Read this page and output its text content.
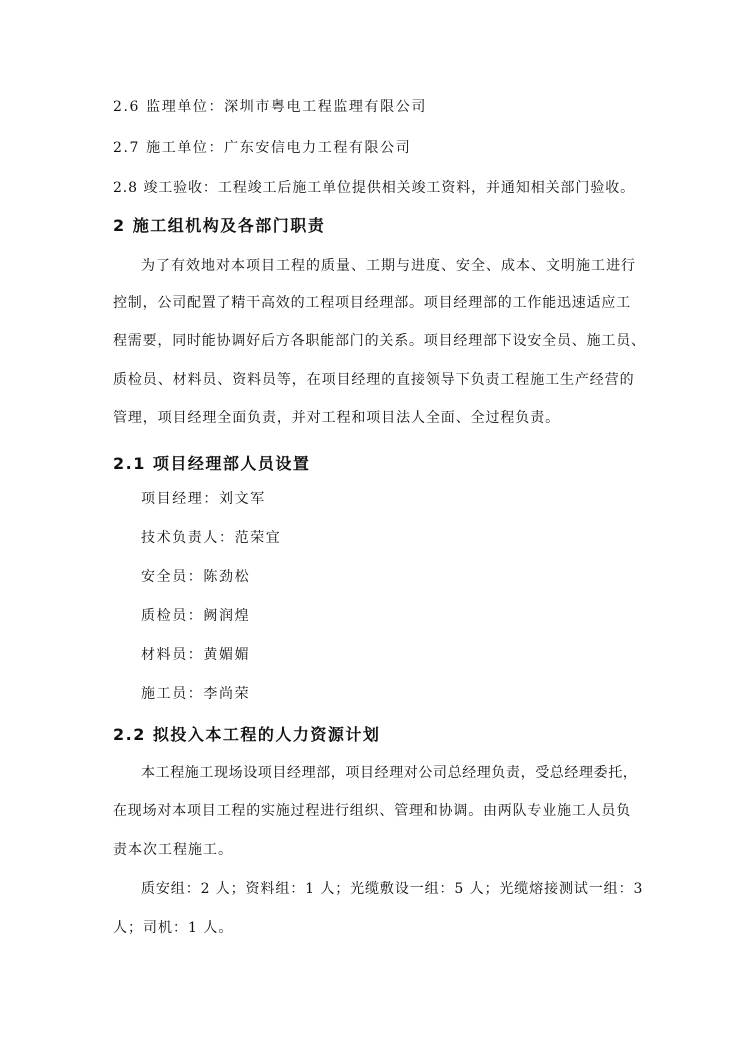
2.6 监理单位：深圳市粤电工程监理有限公司
2.7 施工单位：广东安信电力工程有限公司
2.8 竣工验收：工程竣工后施工单位提供相关竣工资料，并通知相关部门验收。
2 施工组机构及各部门职责
为了有效地对本项目工程的质量、工期与进度、安全、成本、文明施工进行
控制，公司配置了精干高效的工程项目经理部。项目经理部的工作能迅速适应工
程需要，同时能协调好后方各职能部门的关系。项目经理部下设安全员、施工员、
质检员、材料员、资料员等，在项目经理的直接领导下负责工程施工生产经营的
管理，项目经理全面负责，并对工程和项目法人全面、全过程负责。
2.1 项目经理部人员设置
项目经理：刘文军
技术负责人：范荣宜
安全员：陈劲松
质检员：阙润煌
材料员：黄媚媚
施工员：李尚荣
2.2 拟投入本工程的人力资源计划
本工程施工现场设项目经理部，项目经理对公司总经理负责，受总经理委托，
在现场对本项目工程的实施过程进行组织、管理和协调。由两队专业施工人员负
责本次工程施工。
质安组：2 人；资料组：1 人；光缆敷设一组：5 人；光缆熔接测试一组：3
人；司机：1 人。
